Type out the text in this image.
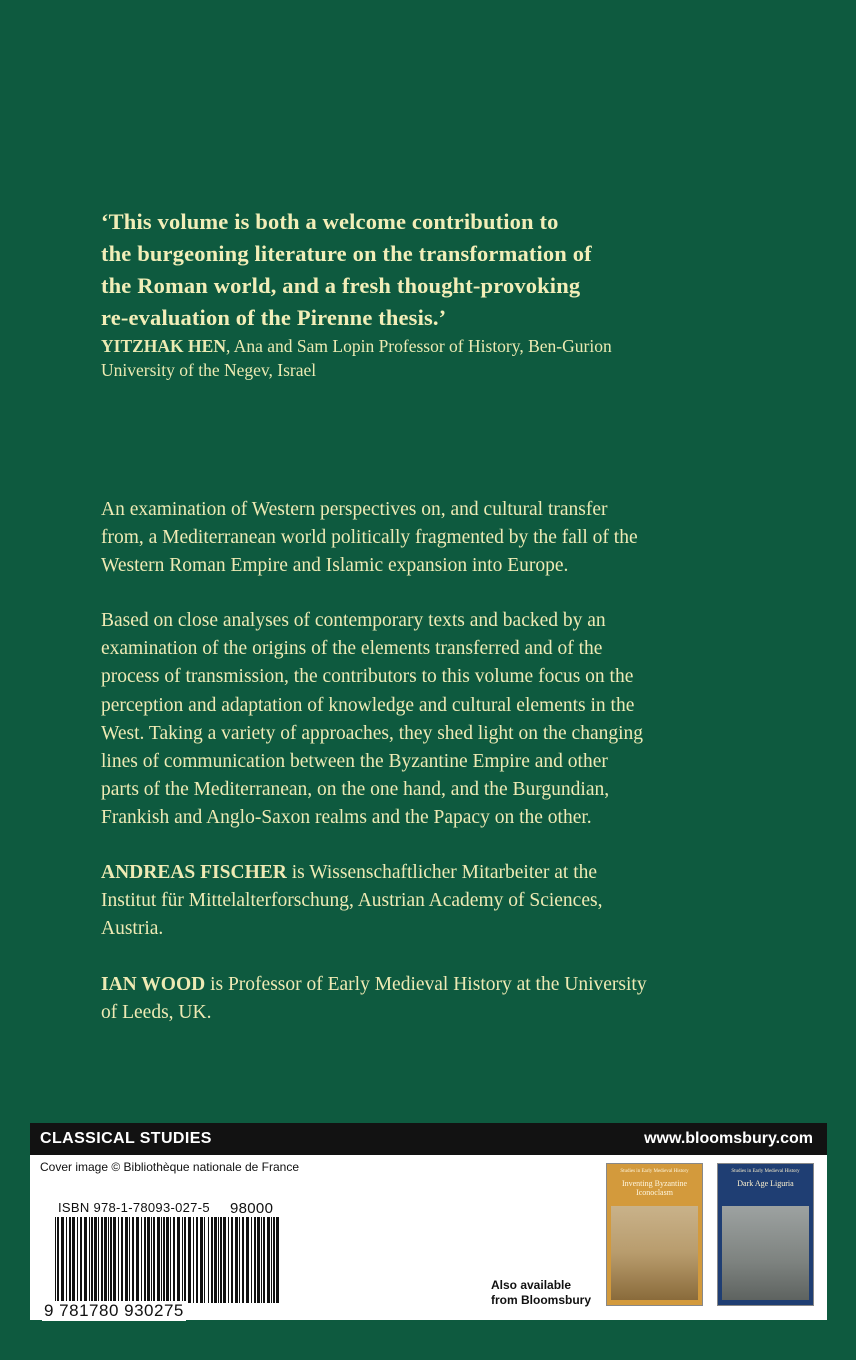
‘This volume is both a welcome contribution to
the burgeoning literature on the transformation of
the Roman world, and a fresh thought-provoking
re-evaluation of the Pirenne thesis.’
YITZHAK HEN, Ana and Sam Lopin Professor of History, Ben-Gurion
University of the Negev, Israel
An examination of Western perspectives on, and cultural transfer
from, a Mediterranean world politically fragmented by the fall of the
Western Roman Empire and Islamic expansion into Europe.
Based on close analyses of contemporary texts and backed by an
examination of the origins of the elements transferred and of the
process of transmission, the contributors to this volume focus on the
perception and adaptation of knowledge and cultural elements in the
West. Taking a variety of approaches, they shed light on the changing
lines of communication between the Byzantine Empire and other
parts of the Mediterranean, on the one hand, and the Burgundian,
Frankish and Anglo-Saxon realms and the Papacy on the other.
ANDREAS FISCHER is Wissenschaftlicher Mitarbeiter at the
Institut für Mittelalterforschung, Austrian Academy of Sciences,
Austria.
IAN WOOD is Professor of Early Medieval History at the University
of Leeds, UK.
CLASSICAL STUDIES	www.bloomsbury.com
Cover image © Bibliothèque nationale de France
ISBN 978-1-78093-027-5 98000
9 781780 930275
Also available
from Bloomsbury
Studies in Early Medieval History
Inventing Byzantine Iconoclasm
Studies in Early Medieval History
Dark Age Liguria
